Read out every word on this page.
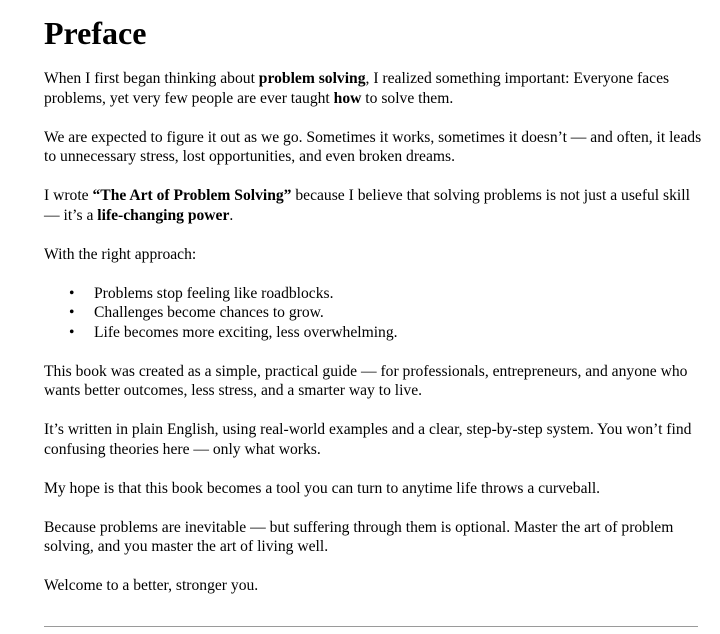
Preface

When I first began thinking about problem solving, I realized something important: Everyone faces problems, yet very few people are ever taught how to solve them.

We are expected to figure it out as we go. Sometimes it works, sometimes it doesn’t — and often, it leads to unnecessary stress, lost opportunities, and even broken dreams.

I wrote “The Art of Problem Solving” because I believe that solving problems is not just a useful skill — it’s a life-changing power.

With the right approach:

• Problems stop feeling like roadblocks.
• Challenges become chances to grow.
• Life becomes more exciting, less overwhelming.

This book was created as a simple, practical guide — for professionals, entrepreneurs, and anyone who wants better outcomes, less stress, and a smarter way to live.

It’s written in plain English, using real-world examples and a clear, step-by-step system. You won’t find confusing theories here — only what works.

My hope is that this book becomes a tool you can turn to anytime life throws a curveball.

Because problems are inevitable — but suffering through them is optional. Master the art of problem solving, and you master the art of living well.

Welcome to a better, stronger you.
